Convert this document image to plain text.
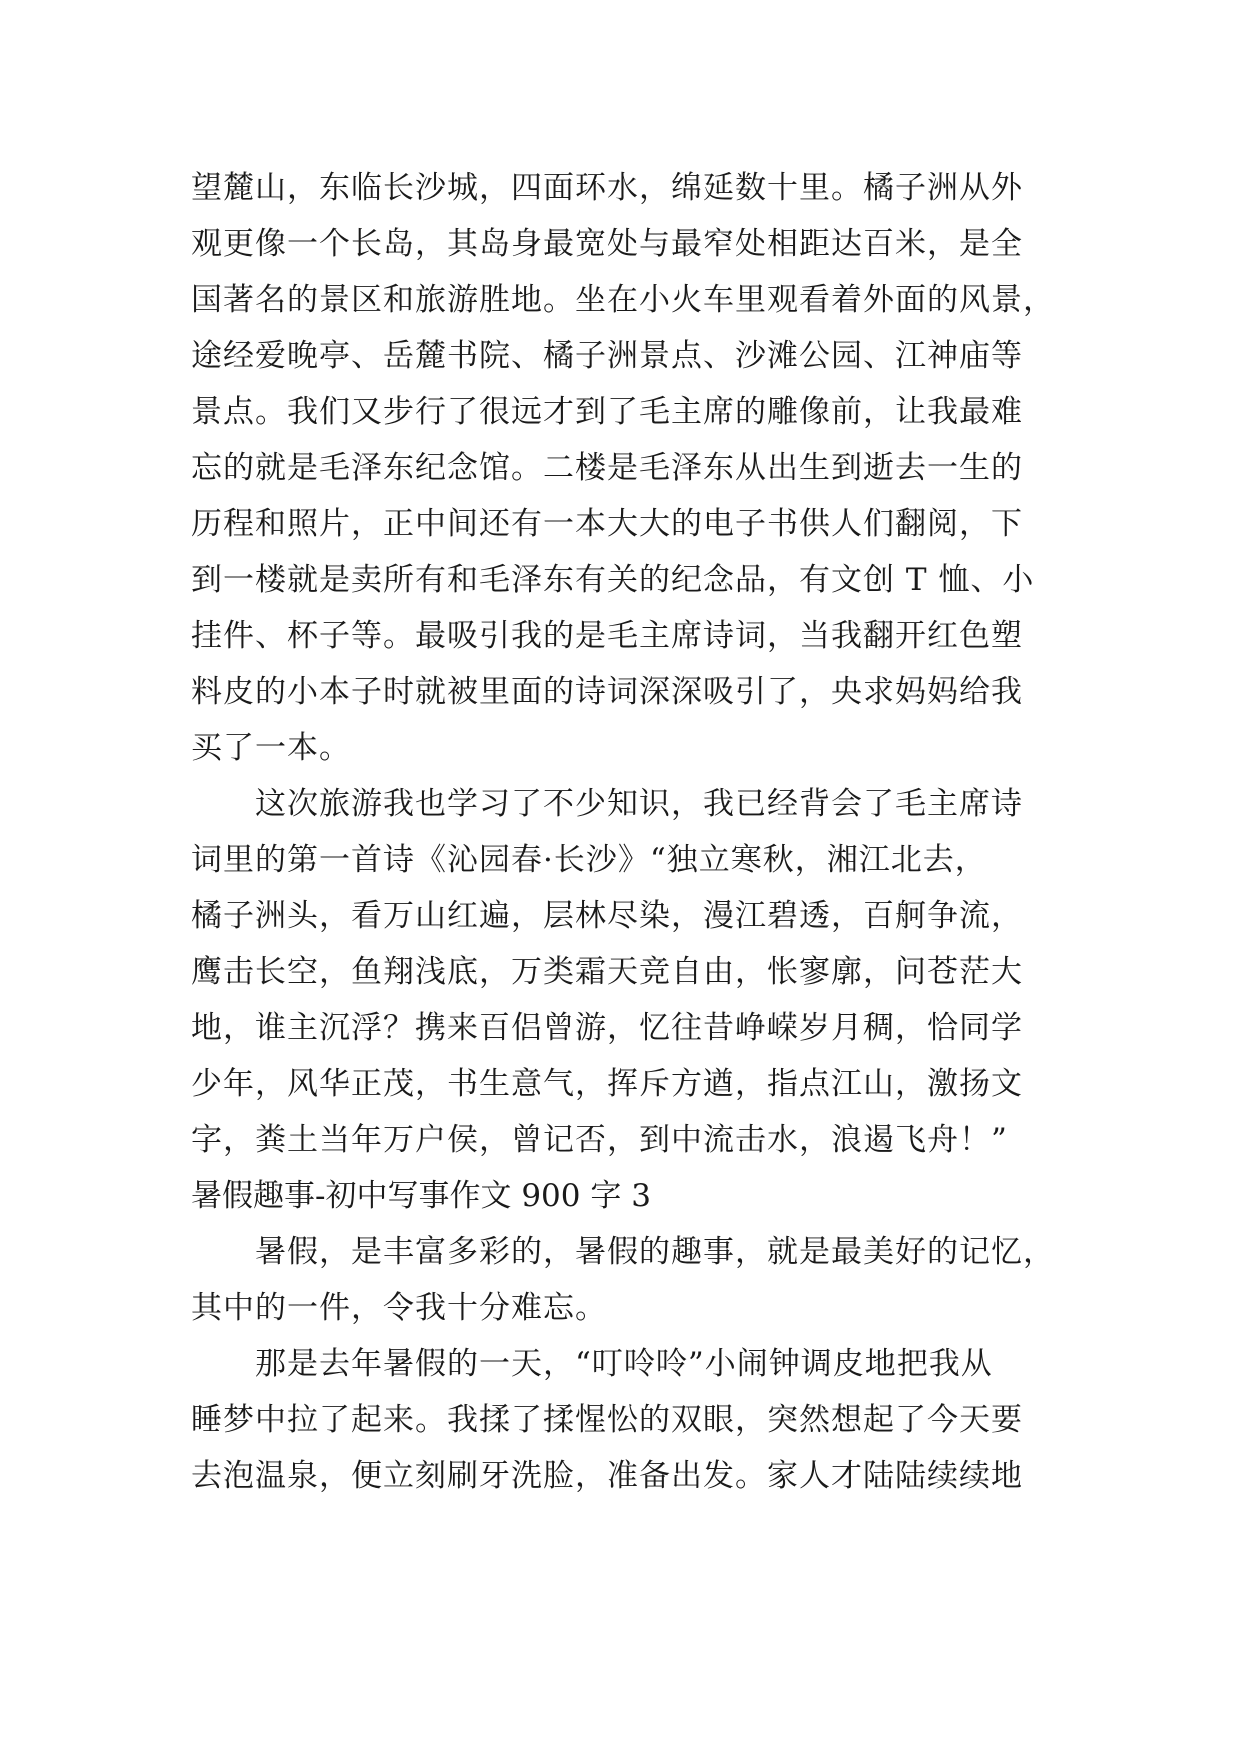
望麓山，东临长沙城，四面环水，绵延数十里。橘子洲从外
观更像一个长岛，其岛身最宽处与最窄处相距达百米，是全
国著名的景区和旅游胜地。坐在小火车里观看着外面的风景，
途经爱晚亭、岳麓书院、橘子洲景点、沙滩公园、江神庙等
景点。我们又步行了很远才到了毛主席的雕像前，让我最难
忘的就是毛泽东纪念馆。二楼是毛泽东从出生到逝去一生的
历程和照片，正中间还有一本大大的电子书供人们翻阅，下
到一楼就是卖所有和毛泽东有关的纪念品，有文创 T 恤、小
挂件、杯子等。最吸引我的是毛主席诗词，当我翻开红色塑
料皮的小本子时就被里面的诗词深深吸引了，央求妈妈给我
买了一本。
这次旅游我也学习了不少知识，我已经背会了毛主席诗
词里的第一首诗《沁园春·长沙》“独立寒秋，湘江北去，
橘子洲头，看万山红遍，层林尽染，漫江碧透，百舸争流，
鹰击长空，鱼翔浅底，万类霜天竞自由，怅寥廓，问苍茫大
地，谁主沉浮？携来百侣曾游，忆往昔峥嵘岁月稠，恰同学
少年，风华正茂，书生意气，挥斥方遒，指点江山，激扬文
字，粪土当年万户侯，曾记否，到中流击水，浪遏飞舟！”
暑假趣事-初中写事作文 900 字 3
暑假，是丰富多彩的，暑假的趣事，就是最美好的记忆，
其中的一件，令我十分难忘。
那是去年暑假的一天，“叮呤呤”小闹钟调皮地把我从
睡梦中拉了起来。我揉了揉惺忪的双眼，突然想起了今天要
去泡温泉，便立刻刷牙洗脸，准备出发。家人才陆陆续续地
